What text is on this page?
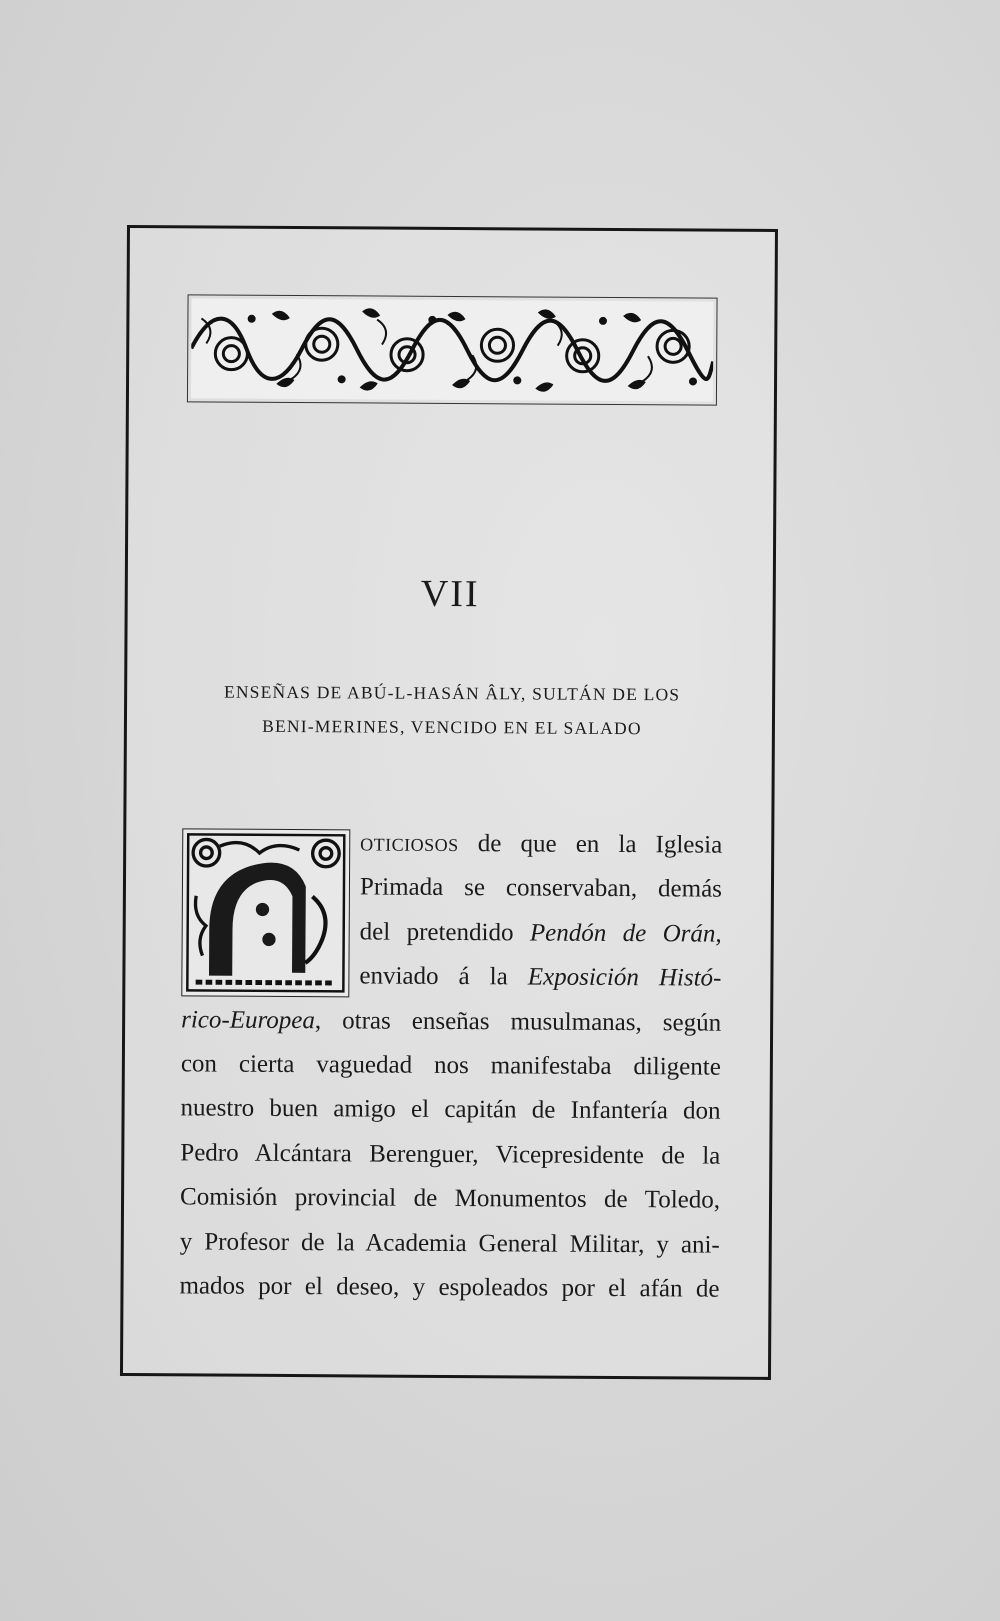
VII
ENSEÑAS DE ABÚ-L-HASÁN ÂLY, SULTÁN DE LOS
BENI-MERINES, VENCIDO EN EL SALADO
oticiosos de que en la Iglesia
Primada se conservaban, demás
del pretendido Pendón de Orán,
enviado á la Exposición Histó-
rico-Europea, otras enseñas musulmanas, según
con cierta vaguedad nos manifestaba diligente
nuestro buen amigo el capitán de Infantería don
Pedro Alcántara Berenguer, Vicepresidente de la
Comisión provincial de Monumentos de Toledo,
y Profesor de la Academia General Militar, y ani-
mados por el deseo, y espoleados por el afán de
